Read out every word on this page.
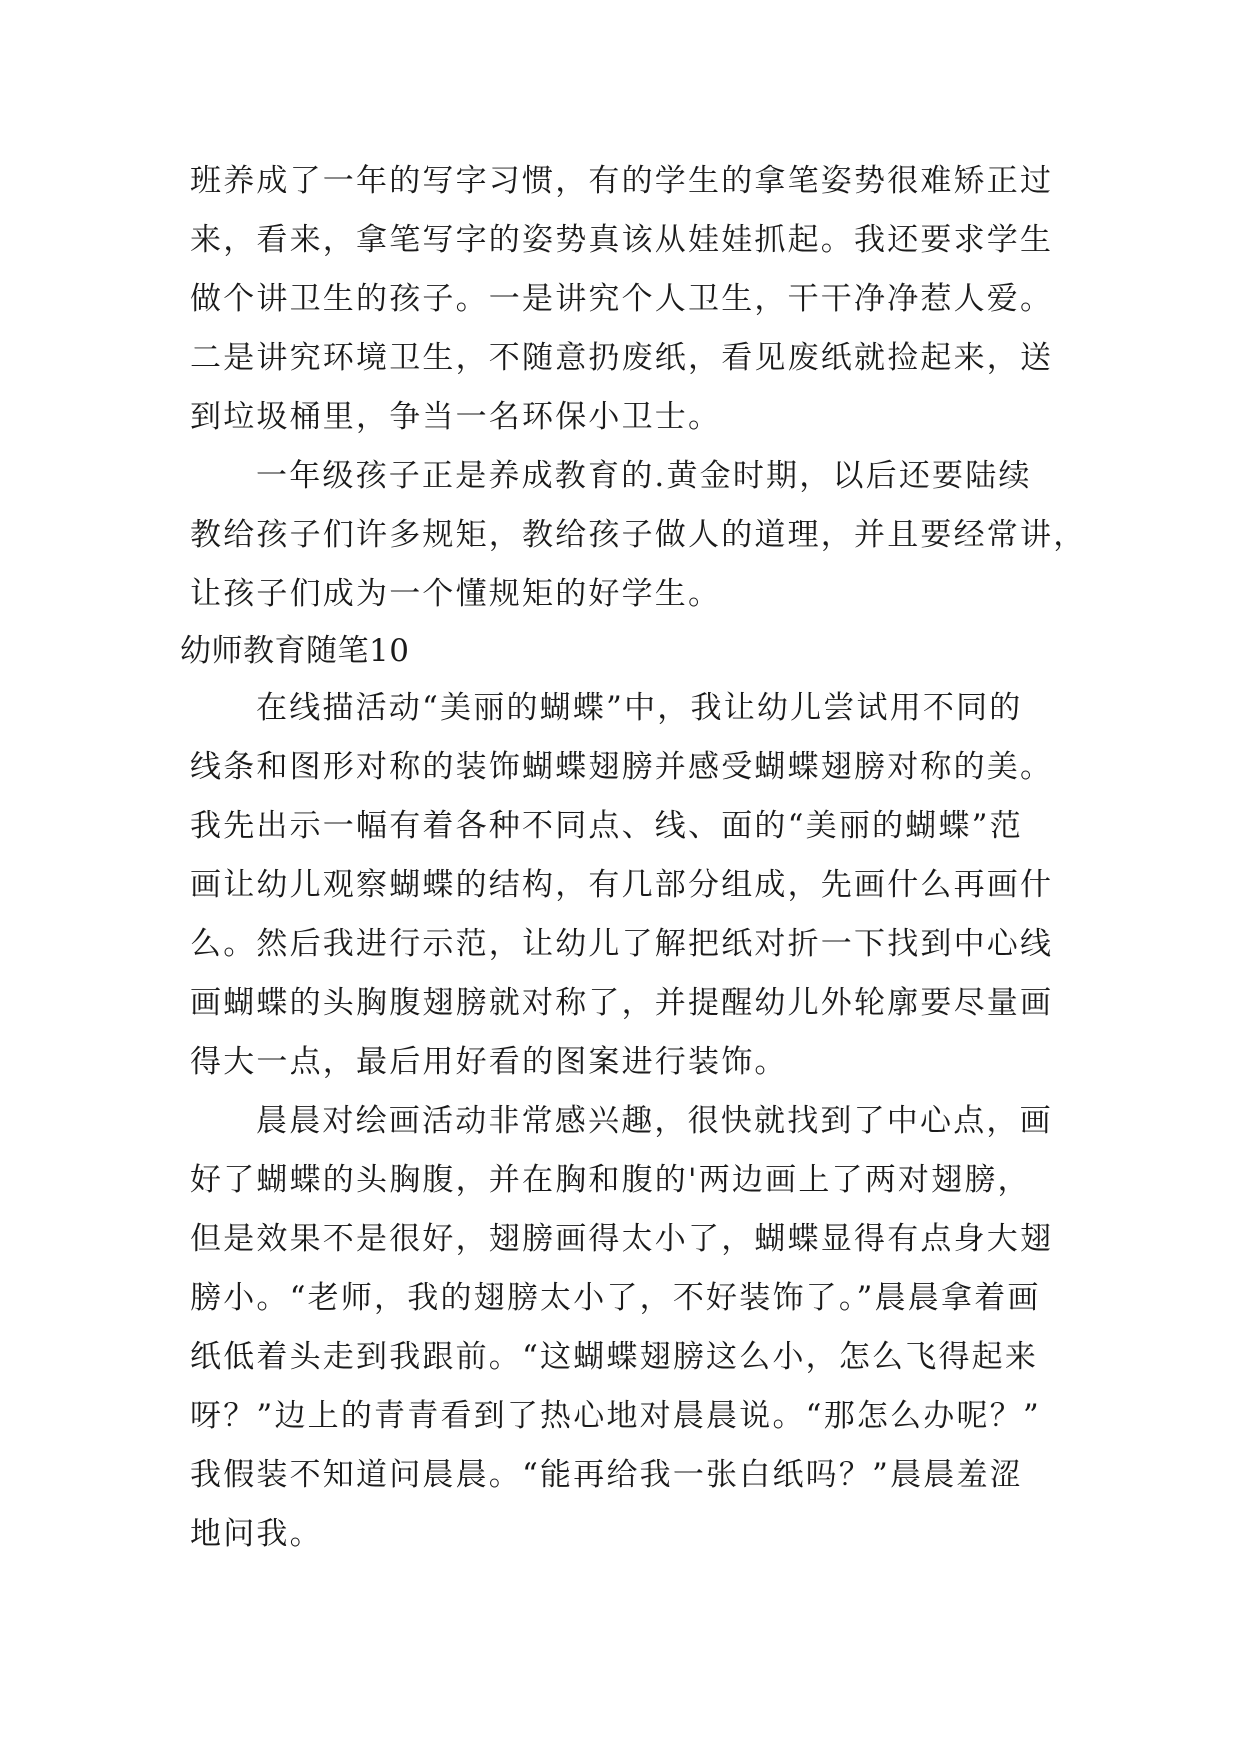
班养成了一年的写字习惯，有的学生的拿笔姿势很难矫正过
来，看来，拿笔写字的姿势真该从娃娃抓起。我还要求学生
做个讲卫生的孩子。一是讲究个人卫生，干干净净惹人爱。
二是讲究环境卫生，不随意扔废纸，看见废纸就捡起来，送
到垃圾桶里，争当一名环保小卫士。
一年级孩子正是养成教育的.黄金时期，以后还要陆续
教给孩子们许多规矩，教给孩子做人的道理，并且要经常讲，
让孩子们成为一个懂规矩的好学生。
幼师教育随笔10
在线描活动“美丽的蝴蝶”中，我让幼儿尝试用不同的
线条和图形对称的装饰蝴蝶翅膀并感受蝴蝶翅膀对称的美。
我先出示一幅有着各种不同点、线、面的“美丽的蝴蝶”范
画让幼儿观察蝴蝶的结构，有几部分组成，先画什么再画什
么。然后我进行示范，让幼儿了解把纸对折一下找到中心线
画蝴蝶的头胸腹翅膀就对称了，并提醒幼儿外轮廓要尽量画
得大一点，最后用好看的图案进行装饰。
晨晨对绘画活动非常感兴趣，很快就找到了中心点，画
好了蝴蝶的头胸腹，并在胸和腹的'两边画上了两对翅膀，
但是效果不是很好，翅膀画得太小了，蝴蝶显得有点身大翅
膀小。“老师，我的翅膀太小了，不好装饰了。”晨晨拿着画
纸低着头走到我跟前。“这蝴蝶翅膀这么小，怎么飞得起来
呀？”边上的青青看到了热心地对晨晨说。“那怎么办呢？”
我假装不知道问晨晨。“能再给我一张白纸吗？”晨晨羞涩
地问我。
